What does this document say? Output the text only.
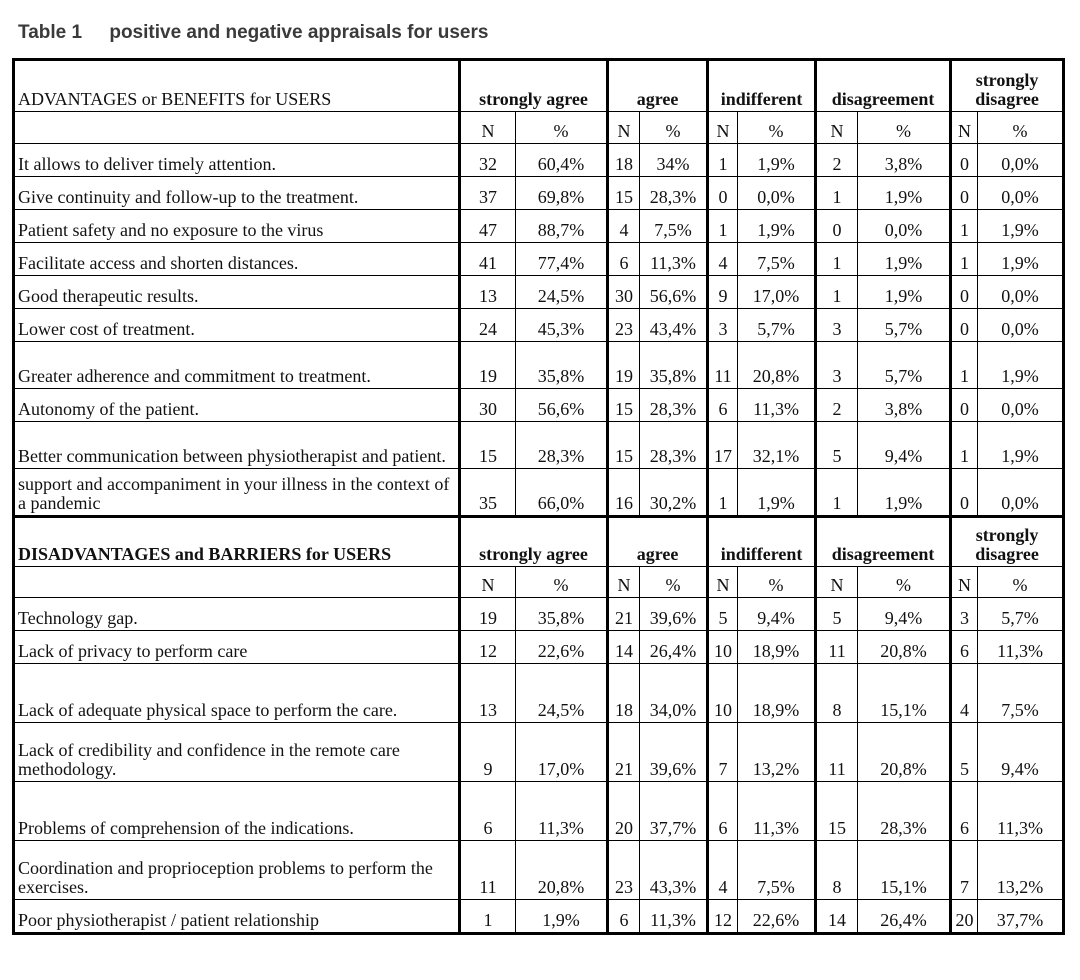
Table 1 positive and negative appraisals for users
ADVANTAGES or BENEFITS for USERS	strongly agree		agree		indifferent		disagreement		strongly disagree	
	N	%	N	%	N	%	N	%	N	%
It allows to deliver timely attention.	32	60,4%	18	34%	1	1,9%	2	3,8%	0	0,0%
Give continuity and follow-up to the treatment.	37	69,8%	15	28,3%	0	0,0%	1	1,9%	0	0,0%
Patient safety and no exposure to the virus	47	88,7%	4	7,5%	1	1,9%	0	0,0%	1	1,9%
Facilitate access and shorten distances.	41	77,4%	6	11,3%	4	7,5%	1	1,9%	1	1,9%
Good therapeutic results.	13	24,5%	30	56,6%	9	17,0%	1	1,9%	0	0,0%
Lower cost of treatment.	24	45,3%	23	43,4%	3	5,7%	3	5,7%	0	0,0%
Greater adherence and commitment to treatment.	19	35,8%	19	35,8%	11	20,8%	3	5,7%	1	1,9%
Autonomy of the patient.	30	56,6%	15	28,3%	6	11,3%	2	3,8%	0	0,0%
Better communication between physiotherapist and patient.	15	28,3%	15	28,3%	17	32,1%	5	9,4%	1	1,9%
support and accompaniment in your illness in the context of a pandemic	35	66,0%	16	30,2%	1	1,9%	1	1,9%	0	0,0%
DISADVANTAGES and BARRIERS for USERS	strongly agree		agree		indifferent		disagreement		strongly disagree	
	N	%	N	%	N	%	N	%	N	%
Technology gap.	19	35,8%	21	39,6%	5	9,4%	5	9,4%	3	5,7%
Lack of privacy to perform care	12	22,6%	14	26,4%	10	18,9%	11	20,8%	6	11,3%
Lack of adequate physical space to perform the care.	13	24,5%	18	34,0%	10	18,9%	8	15,1%	4	7,5%
Lack of credibility and confidence in the remote care methodology.	9	17,0%	21	39,6%	7	13,2%	11	20,8%	5	9,4%
Problems of comprehension of the indications.	6	11,3%	20	37,7%	6	11,3%	15	28,3%	6	11,3%
Coordination and proprioception problems to perform the exercises.	11	20,8%	23	43,3%	4	7,5%	8	15,1%	7	13,2%
Poor physiotherapist / patient relationship	1	1,9%	6	11,3%	12	22,6%	14	26,4%	20	37,7%
